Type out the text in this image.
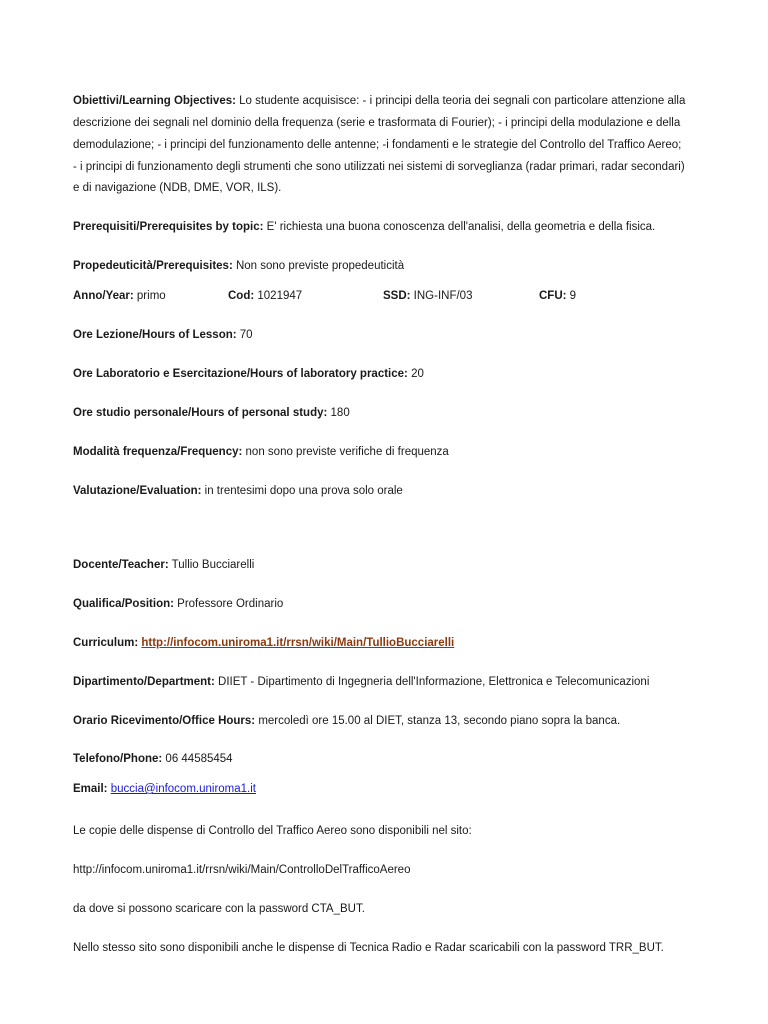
Obiettivi/Learning Objectives: Lo studente acquisisce: - i principi della teoria dei segnali con particolare attenzione alla
descrizione dei segnali nel dominio della frequenza (serie e trasformata di Fourier); - i principi della modulazione e della
demodulazione; - i principi del funzionamento delle antenne; -i fondamenti e le strategie del Controllo del Traffico Aereo;
- i principi di funzionamento degli strumenti che sono utilizzati nei sistemi di sorveglianza (radar primari, radar secondari)
e di navigazione (NDB, DME, VOR, ILS).
Prerequisiti/Prerequisites by topic: E' richiesta una buona conoscenza dell'analisi, della geometria e della fisica.
Propedeuticità/Prerequisites: Non sono previste propedeuticità
Anno/Year: primo	Cod: 1021947	SSD: ING-INF/03	CFU: 9
Ore Lezione/Hours of Lesson: 70
Ore Laboratorio e Esercitazione/Hours of laboratory practice: 20
Ore studio personale/Hours of personal study: 180
Modalità frequenza/Frequency: non sono previste verifiche di frequenza
Valutazione/Evaluation: in trentesimi dopo una prova solo orale
Docente/Teacher: Tullio Bucciarelli
Qualifica/Position: Professore Ordinario
Curriculum: http://infocom.uniroma1.it/rrsn/wiki/Main/TullioBucciarelli
Dipartimento/Department: DIIET - Dipartimento di Ingegneria dell'Informazione, Elettronica e Telecomunicazioni
Orario Ricevimento/Office Hours: mercoledì ore 15.00 al DIET, stanza 13, secondo piano sopra la banca.
Telefono/Phone: 06 44585454
Email: buccia@infocom.uniroma1.it
Le copie delle dispense di Controllo del Traffico Aereo sono disponibili nel sito:
http://infocom.uniroma1.it/rrsn/wiki/Main/ControlloDelTrafficoAereo
da dove si possono scaricare con la password CTA_BUT.
Nello stesso sito sono disponibili anche le dispense di Tecnica Radio e Radar scaricabili con la password TRR_BUT.
